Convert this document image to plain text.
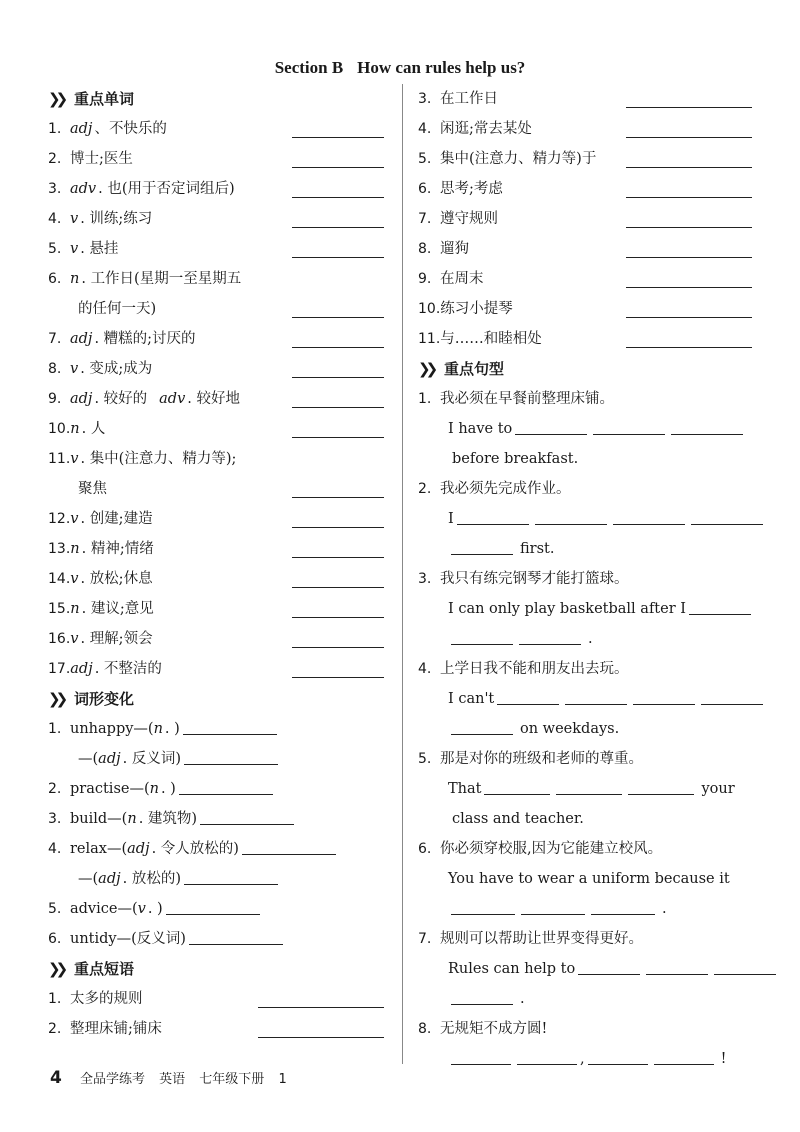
Section B How can rules help us?
❯❯ 重点单词
1. adj 、不快乐的
2. 博士;医生
3. adv . 也(用于否定词组后)
4. v . 训练;练习
5. v . 悬挂
6. n . 工作日(星期一至星期五
的任何一天)
7. adj . 糟糕的;讨厌的
8. v . 变成;成为
9. adj . 较好的 adv . 较好地
10.n . 人
11.v . 集中(注意力、精力等);
聚焦
12.v . 创建;建造
13.n . 精神;情绪
14.v . 放松;休息
15.n . 建议;意见
16.v . 理解;领会
17.adj . 不整洁的
❯❯ 词形变化
1. unhappy—(n . )
—(adj . 反义词)
2. practise—(n . )
3. build—(n . 建筑物)
4. relax—(adj . 令人放松的)
—(adj . 放松的)
5. advice—(v . )
6. untidy—(反义词)
❯❯ 重点短语
1. 太多的规则
2. 整理床铺;铺床
3. 在工作日
4. 闲逛;常去某处
5. 集中(注意力、精力等)于
6. 思考;考虑
7. 遵守规则
8. 遛狗
9. 在周末
10.练习小提琴
11.与……和睦相处
❯❯ 重点句型
1. 我必须在早餐前整理床铺。
I have to
before breakfast.
2. 我必须先完成作业。
I
first.
3. 我只有练完钢琴才能打篮球。
I can only play basketball after I
.
4. 上学日我不能和朋友出去玩。
I can't
on weekdays.
5. 那是对你的班级和老师的尊重。
That	your
class and teacher.
6. 你必须穿校服,因为它能建立校风。
You have to wear a uniform because it
.
7. 规则可以帮助让世界变得更好。
Rules can help to
.
8. 无规矩不成方圆!
,	!
4 全品学练考 英语 七年级下册 1
